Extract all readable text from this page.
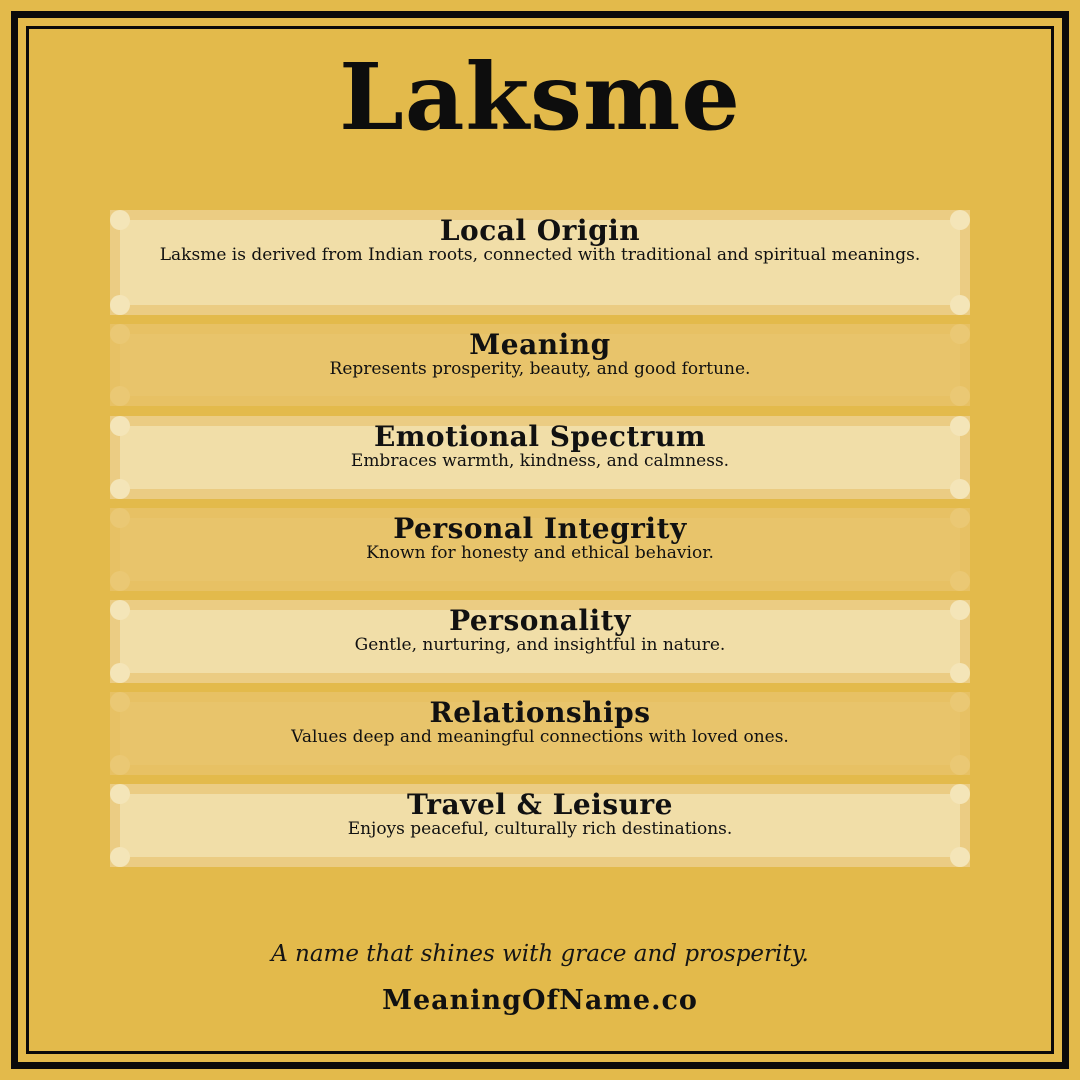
Laksme
Local Origin
Laksme is derived from Indian roots, connected with traditional and spiritual meanings.
Meaning
Represents prosperity, beauty, and good fortune.
Emotional Spectrum
Embraces warmth, kindness, and calmness.
Personal Integrity
Known for honesty and ethical behavior.
Personality
Gentle, nurturing, and insightful in nature.
Relationships
Values deep and meaningful connections with loved ones.
Travel & Leisure
Enjoys peaceful, culturally rich destinations.
A name that shines with grace and prosperity.
MeaningOfName.co
